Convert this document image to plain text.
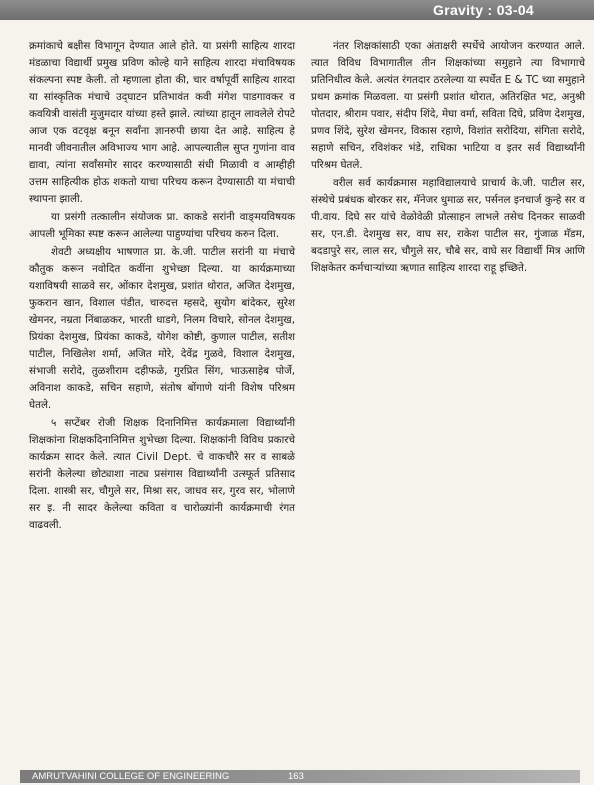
Gravity : 03-04

क्रमांकाचे बक्षीस विभागून देण्यात आले होते. या प्रसंगी साहित्य शारदा मंडळाचा विद्यार्थी प्रमुख प्रविण कोल्हे याने साहित्य शारदा मंचाविषयक संकल्पना स्पष्ट केली. तो म्हणाला होता की, चार वर्षापूर्वी साहित्य शारदा या सांस्कृतिक मंचाचे उद्‌घाटन प्रतिभावंत कवी मंगेश पाडगावकर व कवयित्री वासंती मुजुमदार यांच्या हस्ते झाले. त्यांच्या हातून लावलेले रोपटे आज एक वटवृक्ष बनून सर्वांना ज्ञानरुपी छाया देत आहे. साहित्य हे मानवी जीवनातील अविभाज्य भाग आहे. आपल्यातील सुप्त गुणांना वाव द्यावा, त्यांना सर्वांसमोर सादर करण्यासाठी संधी मिळावी व आम्हीही उत्तम साहित्यीक होऊ शकतो याचा परिचय करून देण्यासाठी या मंचाची स्थापना झाली.

या प्रसंगी तत्कालीन संयोजक प्रा. काकडे सरांनी वाङ्‌मयविषयक आपली भूमिका स्पष्ट करून आलेल्या पाहुण्यांचा परिचय करुन दिला.

शेवटी अध्यक्षीय भाषणात प्रा. के.जी. पाटील सरांनी या मंचाचे कौतुक करून नवोदित कवींना शुभेच्छा दिल्या. या कार्यक्रमाच्या यशाविषयी साळवे सर, ओंकार देशमुख, प्रशांत थोरात, अजित देशमुख, फुकरान खान, विशाल पंडीत, चारुदत्त म्हसदे, सुयोग बांदेकर, सुरेश खेमनर, नम्रता निंबाळकर, भारती धाडगे, निलम विचारे, सोनल देशमुख, प्रियंका देशमुख, प्रियंका काकडे, योगेश कोष्टी, कुणाल पाटील, सतीश पाटील, निखिलेश शर्मा, अजित मोरे, देवेंद्र गुळवे, विशाल देशमुख, संभाजी सरोदे, तुळशीराम दहीफळे, गुरप्रित सिंग, भाऊसाहेब पोर्जे, अविनाश काकडे, सचिन सहाणे, संतोष बोंगाणे यांनी विशेष परिश्रम घेतले.

५ सप्टेंबर रोजी शिक्षक दिनानिमित्त कार्यक्रमाला विद्यार्थ्यांनी शिक्षकांना शिक्षकदिनानिमित्त शुभेच्छा दिल्या. शिक्षकांनी विविध प्रकारचे कार्यक्रम सादर केले. त्यात Civil Dept. चे वाकचौरे सर व साबळे सरांनी केलेल्या छोट्याशा नाट्य प्रसंगास विद्यार्थ्यांनी उत्स्फूर्त प्रतिसाद दिला. शास्त्री सर, चौगुले सर, मिश्रा सर, जाधव सर, गुरव सर, भोलाणे सर इ. नी सादर केलेल्या कविता व चारोळ्यांनी कार्यक्रमाची रंगत वाढवली.

नंतर शिक्षकांसाठी एका अंताक्षरी स्पर्धेचे आयोजन करण्यात आले. त्यात विविध विभागातील तीन शिक्षकांच्या समुहाने त्या विभागाचे प्रतिनिधीत्व केले. अत्यंत रंगतदार ठरलेल्या या स्पर्धेत E & TC च्या समुहाने प्रथम क्रमांक मिळवला. या प्रसंगी प्रशांत थोरात, अतिरक्षित भट, अनुश्री पोतदार, श्रीराम पवार, संदीप शिंदे, मेघा वर्मा, सविता दिघे, प्रविण देशमुख, प्रणव शिंदे, सुरेश खेमनर, विकास रहाणे, विशांत सरोदिया, संगिता सरोदे, सहाणे सचिन, रविशंकर भंडे, राधिका भाटिया व इतर सर्व विद्यार्थ्यांनी परिश्रम घेतले.

वरील सर्व कार्यक्रमास महाविद्यालयाचे प्राचार्य के.जी. पाटील सर, संस्थेचे प्रबंधक बोरकर सर, मॅनेजर धुमाळ सर, पर्सनल इनचार्ज कुन्हे सर व पी.वाय. दिघे सर यांचे वेळोवेळी प्रोत्साहन लाभले तसेच दिनकर साळवी सर, एन.डी. देशमुख सर, वाघ सर, राकेश पाटील सर, गुंजाळ मॅडम, बदडापुरे सर, लाल सर, चौगुले सर, चौबे सर, वाघे सर विद्यार्थी मित्र आणि शिक्षकेतर कर्मचाऱ्यांच्या ऋणात साहित्य शारदा राहू इच्छिते.

AMRUTVAHINI COLLEGE OF ENGINEERING	163
